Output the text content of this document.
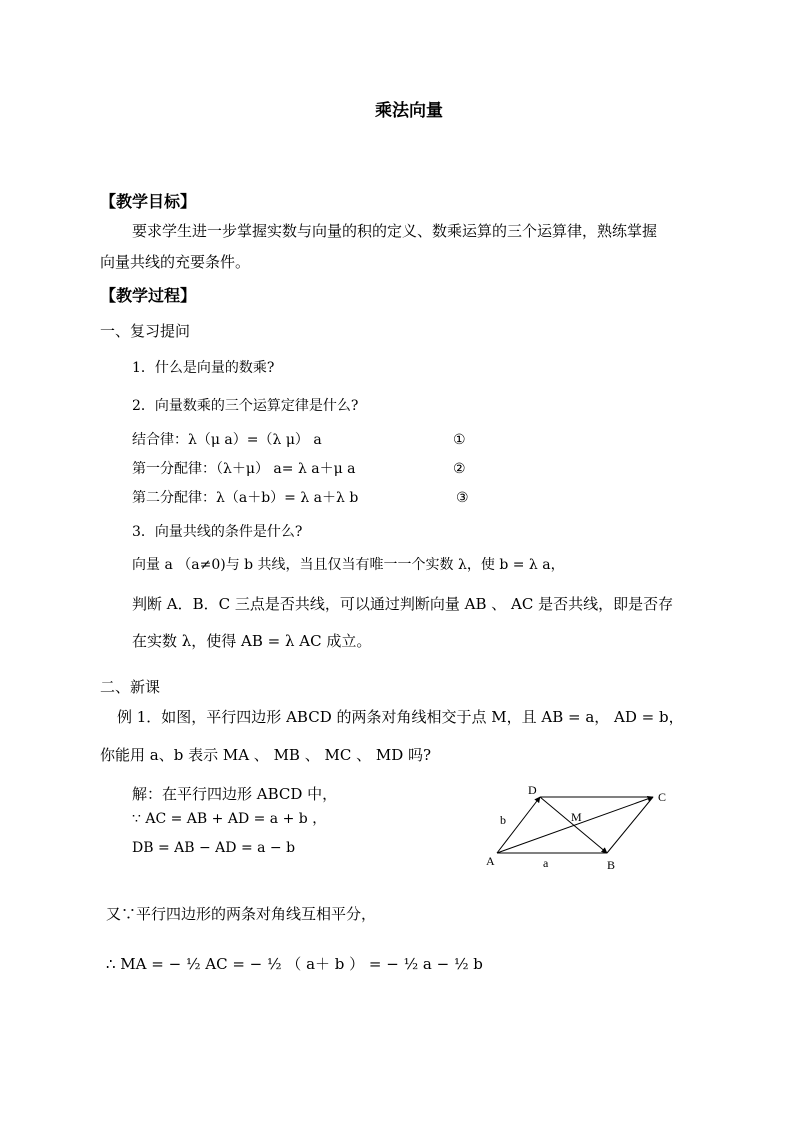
乘法向量
【教学目标】
要求学生进一步掌握实数与向量的积的定义、数乘运算的三个运算律，熟练掌握
向量共线的充要条件。
【教学过程】
一、复习提问
1．什么是向量的数乘?
2．向量数乘的三个运算定律是什么?
结合律：λ（μ a）=（λ μ） a	①
第一分配律：（λ＋μ） a= λ a＋μ a	②
第二分配律：λ（a＋b）= λ a＋λ b	③
3．向量共线的条件是什么?
向量 a （a≠0)与 b 共线，当且仅当有唯一一个实数 λ，使 b = λ a，
判断 A．B．C 三点是否共线，可以通过判断向量 AB 、 AC 是否共线，即是否存
在实数 λ，使得 AB = λ AC 成立。
二、新课
例 1．如图，平行四边形 ABCD 的两条对角线相交于点 M，且 AB = a， AD = b，
你能用 a、b 表示 MA 、 MB 、 MC 、 MD 吗?
解：在平行四边形 ABCD 中，
∵ AC = AB + AD = a + b ，
DB = AB − AD = a − b
A	B
C
D
M
a
b
又∵平行四边形的两条对角线互相平分，
∴ MA = − ½ AC = − ½ （ a＋ b ） = − ½ a − ½ b
